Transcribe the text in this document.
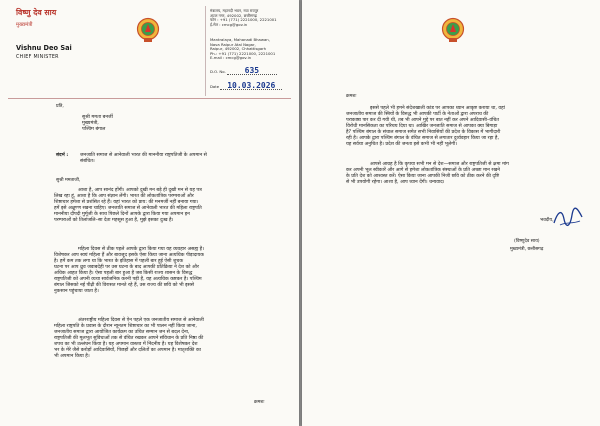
विष्णु देव साय
मुख्यमंत्री
Vishnu Deo Sai
CHIEF MINISTER
मंत्रालय, महानदी भवन, नवा रायपुर
अटल नगर, 492002, छत्तीसगढ़
फोन : +91 (771) 2221000, 2221001
ई-मेल : cmcg@gov.in
Mantralaya, Mahanadi Bhawan,
Nava Raipur Atal Nagar,
Raipur, 492002, Chhattisgarh
Ph.: +91 (771) 2221000, 2221001
E-mail : cmcg@gov.in
D.O. No. 635
Date 10.03.2026
प्रति,
सुश्री ममता बनर्जी
मुख्यमंत्री,
पश्चिम बंगाल
संदर्भ : जनजाति समाज से आनेवाली भारत की माननीया राष्ट्रपतिजी के अपमान से
संबंधित।
सुश्री ममताजी,
आशा है, आप सानंद होंगी। आपको दुखी मन बड़े ही दुखी मन से यह पत्र
लिख रहा हूं, आशा है कि आप संज्ञान लेंगी। भारत की लोकतांत्रिक परम्पराओं और
शिष्टाचार हमेशा से प्रशंसित रहे हैं। यहां भारत को प्राय: की मनमर्जी नहीं बनाया गया।
हमें इसे अक्षुण्ण रखना चाहिए। जनजाति समाज से आनेवाली भारत की महिला राष्ट्रपति
माननीया दौपदी मुर्मूजी के साथ पिछले दिनों आपके द्वारा किया गया अपमान इन
परम्पराओं को तिलांजलि–सा देता महसूस हुआ है, मुझे इसका दुःख है।
महिला दिवस से ठीक पहले आपके द्वारा किया गया यह व्यवहार असह्य है।
विशेषकर आप स्वयं महिला हैं और बावजूद इसके ऐसा किया जाना अत्यधिक पीड़ादायक
है। हमें कम तक लगा था कि भारत के इतिहास में पहली बार हुई ऐसी शुचक
घटना पर आप ध्रुव जवाबदेही पर उस घटना के बाद आपकी प्रतिक्रिया ने देश को और
अधिक आहत किया है। ऐसा पहली बार हुआ है जब किसी राज्य शासन के विरुद्ध
राष्ट्रपतिजी को अपनी व्यथा सार्वजनिक करनी पड़ी है, यह अत्यधिक कष्टकर है। पश्चिम
बंगाल जिसको नई पीढ़ी की विरासत मानते रहे हैं, उस राज्य की छवि को भी इससे
नुकसान पहुंचाया जाता है।
अंतरराष्ट्रीय महिला दिवस से ऐन पहले एक जनजातीय समाज से आनेवाली
महिला राष्ट्रपति के प्रवास के दौरान न्यूनतम शिष्टाचार का भी पालन नहीं किया जाना,
जनजातीय समाज द्वारा आयोजित कार्यक्रम का उचित सम्मान जन से बदल देना,
राष्ट्रपतिजी की मूलभूत सुविधाओं तक से वंचित रखकर आपने संविधान के प्रति निष्ठा की
शपथ का भी उल्लंघन किया है। यह अपमान वास्तव में निंदनीय है। यह विशेषकर देश
भर के मेरे जैसे करोड़ों आदिवासियों, पिछड़ों और दलितों का अपमान है। मातृशक्ति का
भी अपमान किया है।
क्रमशः
क्रमशः
इससे पहले भी हमने संदेशखाली कांड पर आपका ध्यान आकृष्ट कराया था, वहां
जनजातीय समाज की स्त्रियों के विरुद्ध भी आपकी पार्टी के नेताओं द्वारा अपराध की
पराकाष्ठा पार कर दी गयी थी, तब भी आपने मुद्दे पर बात नहीं कर अपने आदिवासी–वंचित
विरोधी मानसिकता का परिचय दिया था। आखिर जनजाति समाज से आपका क्या बिगाड़ा
है? पश्चिम बंगाल के संथाल समाज समेत सभी निवासियों की प्रदेश के विकास में भागीदारी
रही है। आपके द्वारा पश्चिम बंगाल के वंचित समाज से लगातार दुर्व्यवहार किया जा रहा है,
यह सर्वथा अनुचित है। प्रदेश की जनता इसे कभी भी नहीं भूलेगी।
आपसे आग्रह है कि कृपया सभी मन से देश—समाज और राष्ट्रपतिजी से क्षमा मांग
कर अपनी भूल स्वीकारें और आगे से हमेशा लोकतांत्रिक संस्थाओं के प्रति अच्छा मान रखने
के प्रति देश को आश्वस्त करें। ऐसा किया जाना आपकी निजी छवि को ठीक करने की दृष्टि
से भी उपयोगी रहेगा। आशा है, आप ध्यान देंगी। धन्यवाद।
भवदीय,
(विष्णुदेव साय)
मुख्यमंत्री, छत्तीसगढ़
